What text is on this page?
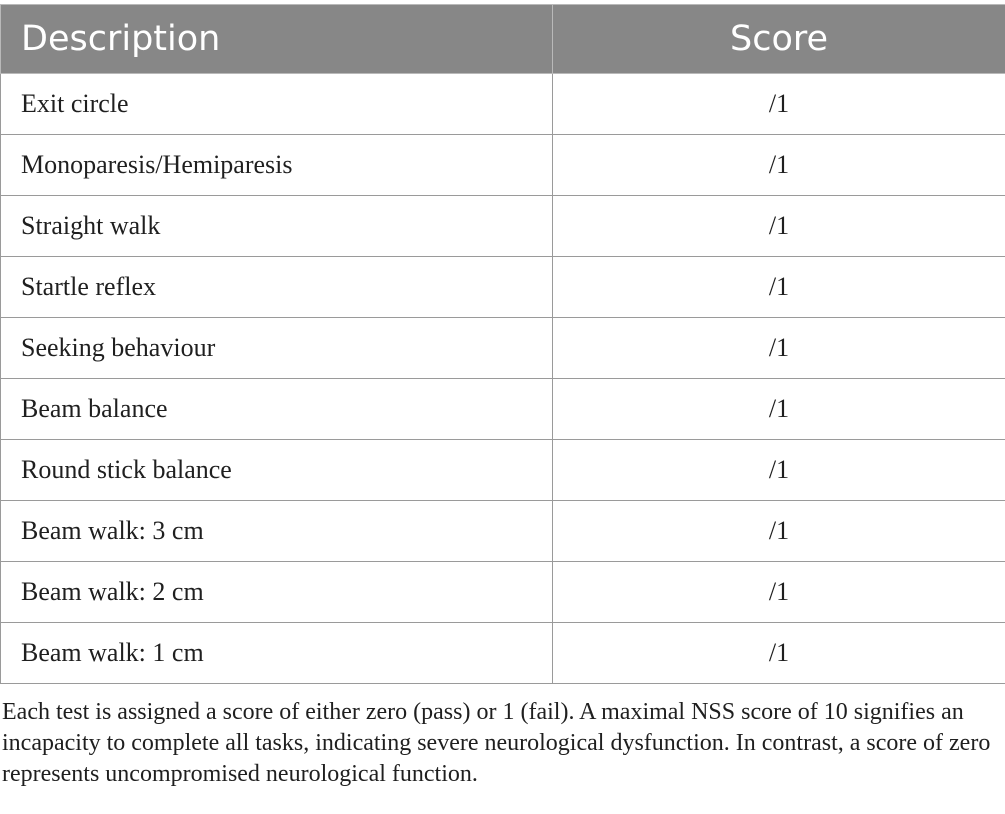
Description	Score
Exit circle	/1
Monoparesis/Hemiparesis	/1
Straight walk	/1
Startle reflex	/1
Seeking behaviour	/1
Beam balance	/1
Round stick balance	/1
Beam walk: 3 cm	/1
Beam walk: 2 cm	/1
Beam walk: 1 cm	/1

Each test is assigned a score of either zero (pass) or 1 (fail). A maximal NSS score of 10 signifies an incapacity to complete all tasks, indicating severe neurological dysfunction. In contrast, a score of zero represents uncompromised neurological function.
